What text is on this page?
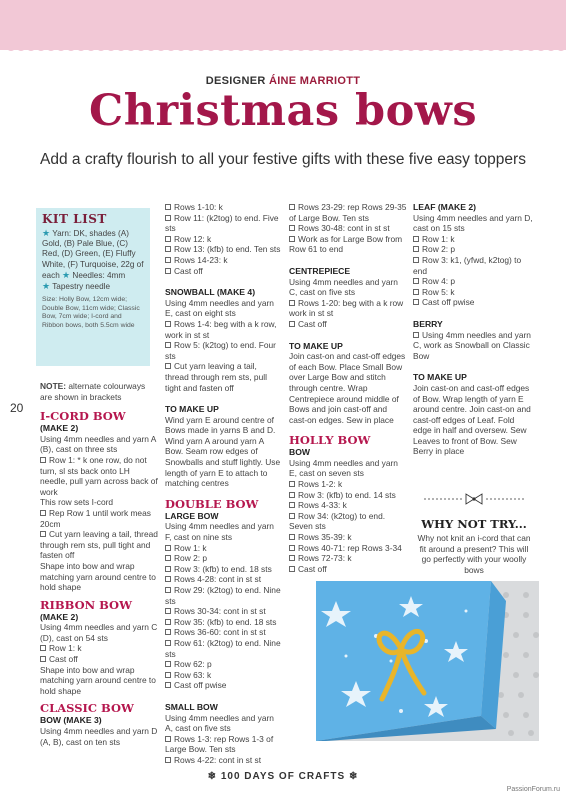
DESIGNER ÁINE MARRIOTT
Christmas bows
Add a crafty flourish to all your festive gifts with these five easy toppers
KIT LIST
★ Yarn: DK, shades (A) Gold, (B) Pale Blue, (C) Red, (D) Green, (E) Fluffy White, (F) Turquoise, 22g of each ★ Needles: 4mm
★ Tapestry needle
Size: Holly Bow, 12cm wide; Double Bow, 11cm wide; Classic Bow, 7cm wide; I-cord and Ribbon bows, both 5.5cm wide
20

NOTE: alternate colourways are shown in brackets

I-CORD BOW

(MAKE 2)

Using 4mm needles and yarn A (B), cast on three sts

Row 1: * k one row, do not turn, sl sts back onto LH needle, pull yarn across back of work

This row sets I-cord

Rep Row 1 until work meas 20cm

Cut yarn leaving a tail, thread through rem sts, pull tight and fasten off

Shape into bow and wrap matching yarn around centre to hold shape

RIBBON BOW

(MAKE 2)

Using 4mm needles and yarn C (D), cast on 54 sts

Row 1: k

Cast off

Shape into bow and wrap matching yarn around centre to hold shape

CLASSIC BOW

BOW (MAKE 3)

Using 4mm needles and yarn D (A, B), cast on ten sts

Rows 1-10: k

Row 11: (k2tog) to end. Five sts

Row 12: k

Row 13: (kfb) to end. Ten sts

Rows 14-23: k

Cast off

SNOWBALL (MAKE 4)

Using 4mm needles and yarn E, cast on eight sts

Rows 1-4: beg with a k row, work in st st

Row 5: (k2tog) to end. Four sts

Cut yarn leaving a tail, thread through rem sts, pull tight and fasten off

TO MAKE UP

Wind yarn E around centre of Bows made in yarns B and D. Wind yarn A around yarn A Bow. Seam row edges of Snowballs and stuff lightly. Use length of yarn E to attach to matching centres

DOUBLE BOW

LARGE BOW

Using 4mm needles and yarn F, cast on nine sts

Row 1: k

Row 2: p

Row 3: (kfb) to end. 18 sts

Rows 4-28: cont in st st

Row 29: (k2tog) to end. Nine sts

Rows 30-34: cont in st st

Row 35: (kfb) to end. 18 sts

Rows 36-60: cont in st st

Row 61: (k2tog) to end. Nine sts

Row 62: p

Row 63: k

Cast off pwise

SMALL BOW

Using 4mm needles and yarn A, cast on five sts

Rows 1-3: rep Rows 1-3 of Large Bow. Ten sts

Rows 4-22: cont in st st

Rows 23-29: rep Rows 29-35 of Large Bow. Ten sts

Rows 30-48: cont in st st

Work as for Large Bow from Row 61 to end

CENTREPIECE

Using 4mm needles and yarn C, cast on five sts

Rows 1-20: beg with a k row work in st st

Cast off

TO MAKE UP

Join cast-on and cast-off edges of each Bow. Place Small Bow over Large Bow and stitch through centre. Wrap Centrepiece around middle of Bows and join cast-off and cast-on edges. Sew in place

HOLLY BOW

BOW

Using 4mm needles and yarn E, cast on seven sts

Rows 1-2: k

Row 3: (kfb) to end. 14 sts

Rows 4-33: k

Row 34: (k2tog) to end. Seven sts

Rows 35-39: k

Rows 40-71: rep Rows 3-34

Rows 72-73: k

Cast off

LEAF (MAKE 2)

Using 4mm needles and yarn D, cast on 15 sts

Row 1: k

Row 2: p

Row 3: k1, (yfwd, k2tog) to end

Row 4: p

Row 5: k

Cast off pwise

BERRY

Using 4mm needles and yarn C, work as Snowball on Classic Bow

TO MAKE UP

Join cast-on and cast-off edges of Bow. Wrap length of yarn E around centre. Join cast-on and cast-off edges of Leaf. Fold edge in half and oversew. Sew Leaves to front of Bow. Sew Berry in place

WHY NOT TRY...
Why not knit an i-cord that can fit around a present? This will go perfectly with your woolly bows
❄ 100 DAYS OF CRAFTS ❄
PassionForum.ru
